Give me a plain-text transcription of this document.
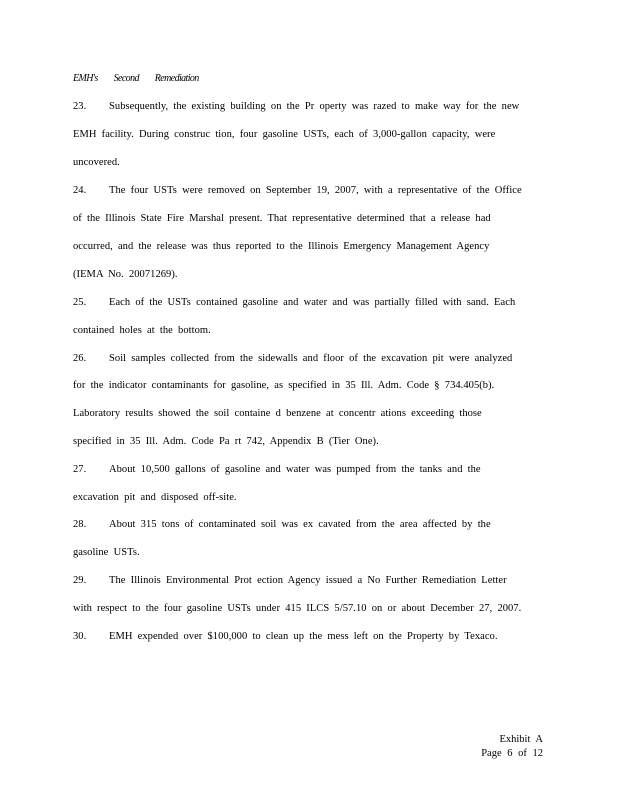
EMH's Second Remediation
23. Subsequently, the existing building on the Pr operty was razed to make way for the new
EMH facility. During construc tion, four gasoline USTs, each of 3,000-gallon capacity, were
uncovered.
24. The four USTs were removed on September 19, 2007, with a representative of the Office
of the Illinois State Fire Marshal present. That representative determined that a release had
occurred, and the release was thus reported to the Illinois Emergency Management Agency
(IEMA No. 20071269).
25. Each of the USTs contained gasoline and water and was partially filled with sand. Each
contained holes at the bottom.
26. Soil samples collected from the sidewalls and floor of the excavation pit were analyzed
for the indicator contaminants for gasoline, as specified in 35 Ill. Adm. Code § 734.405(b).
Laboratory results showed the soil containe d benzene at concentr ations exceeding those
specified in 35 Ill. Adm. Code Pa rt 742, Appendix B (Tier One).
27. About 10,500 gallons of gasoline and water was pumped from the tanks and the
excavation pit and disposed off-site.
28. About 315 tons of contaminated soil was ex cavated from the area affected by the
gasoline USTs.
29. The Illinois Environmental Prot ection Agency issued a No Further Remediation Letter
with respect to the four gasoline USTs under 415 ILCS 5/57.10 on or about December 27, 2007.
30. EMH expended over $100,000 to clean up the mess left on the Property by Texaco.
Exhibit A
Page 6 of 12
